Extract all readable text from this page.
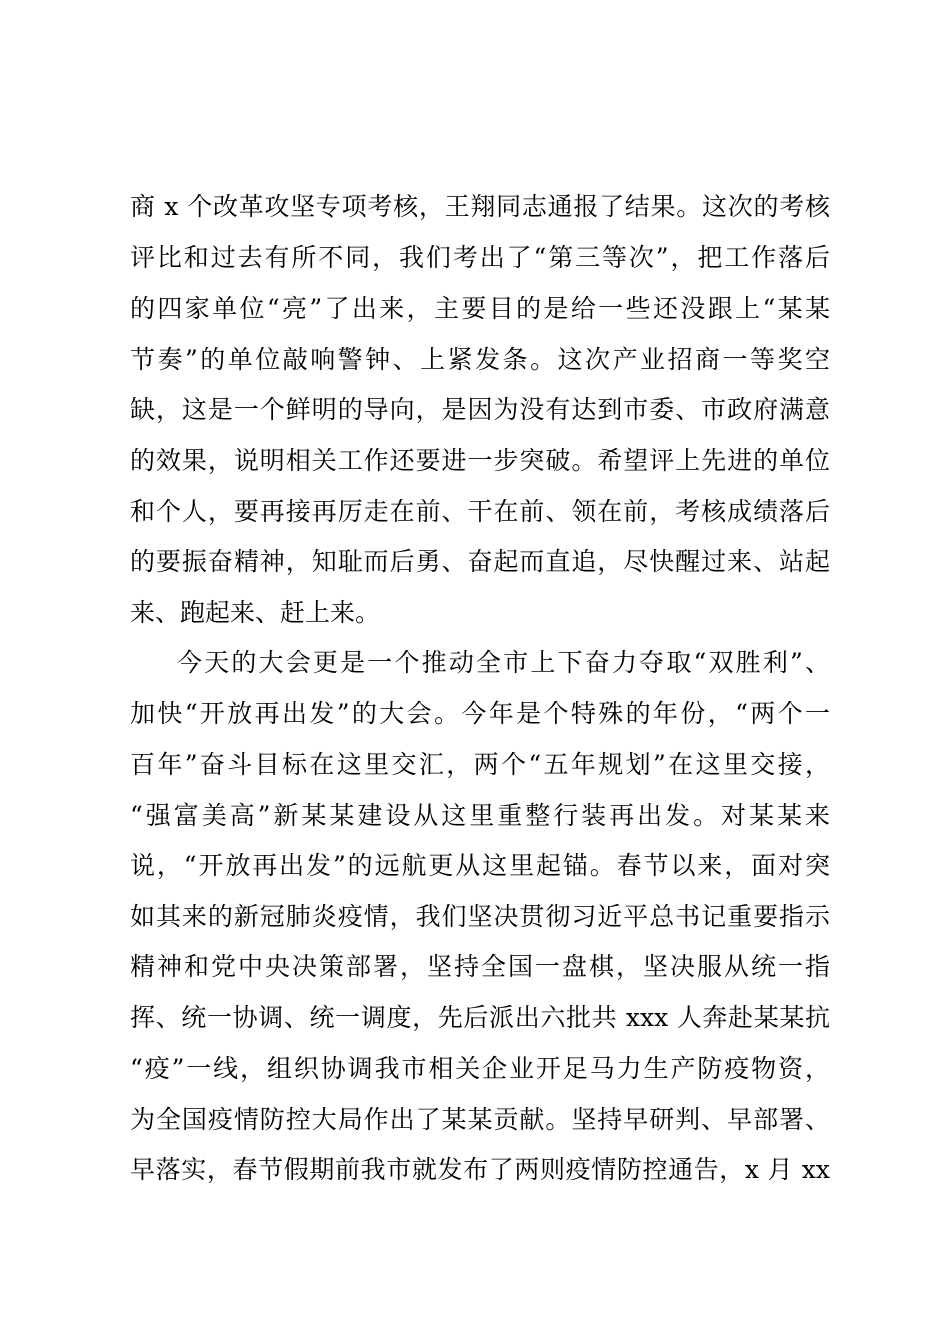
商 x 个改革攻坚专项考核，王翔同志通报了结果。这次的考核
评比和过去有所不同，我们考出了“第三等次”，把工作落后
的四家单位“亮”了出来，主要目的是给一些还没跟上“某某
节奏”的单位敲响警钟、上紧发条。这次产业招商一等奖空
缺，这是一个鲜明的导向，是因为没有达到市委、市政府满意
的效果，说明相关工作还要进一步突破。希望评上先进的单位
和个人，要再接再厉走在前、干在前、领在前，考核成绩落后
的要振奋精神，知耻而后勇、奋起而直追，尽快醒过来、站起
来、跑起来、赶上来。
今天的大会更是一个推动全市上下奋力夺取“双胜利”、
加快“开放再出发”的大会。今年是个特殊的年份，“两个一
百年”奋斗目标在这里交汇，两个“五年规划”在这里交接，
“强富美高”新某某建设从这里重整行装再出发。对某某来
说，“开放再出发”的远航更从这里起锚。春节以来，面对突
如其来的新冠肺炎疫情，我们坚决贯彻习近平总书记重要指示
精神和党中央决策部署，坚持全国一盘棋，坚决服从统一指
挥、统一协调、统一调度，先后派出六批共 xxx 人奔赴某某抗
“疫”一线，组织协调我市相关企业开足马力生产防疫物资，
为全国疫情防控大局作出了某某贡献。坚持早研判、早部署、
早落实，春节假期前我市就发布了两则疫情防控通告，x 月 xx
